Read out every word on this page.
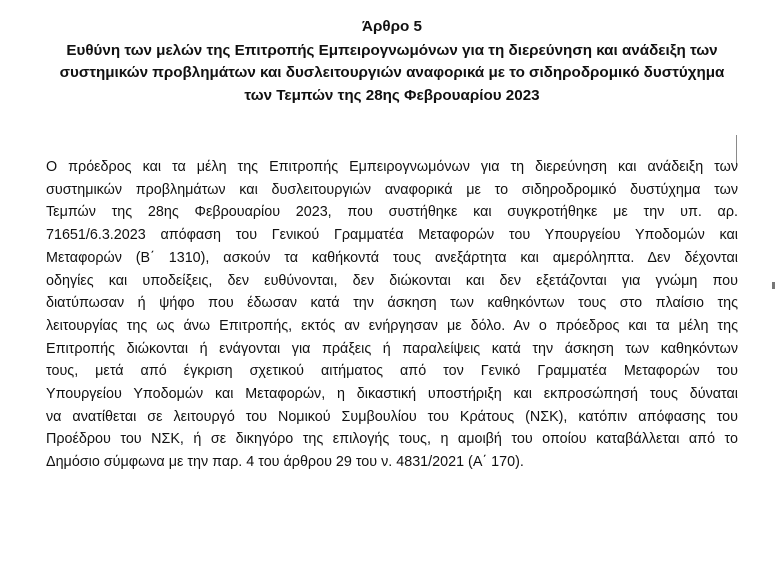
Άρθρο 5
Ευθύνη των μελών της Επιτροπής Εμπειρογνωμόνων για τη διερεύνηση και ανάδειξη των
συστημικών προβλημάτων και δυσλειτουργιών αναφορικά με το σιδηροδρομικό δυστύχημα
των Τεμπών της 28ης Φεβρουαρίου 2023
Ο πρόεδρος και τα μέλη της Επιτροπής Εμπειρογνωμόνων για τη διερεύνηση και ανάδειξη των
συστημικών προβλημάτων και δυσλειτουργιών αναφορικά με το σιδηροδρομικό δυστύχημα των
Τεμπών της 28ης Φεβρουαρίου 2023, που συστήθηκε και συγκροτήθηκε με την υπ. αρ.
71651/6.3.2023 απόφαση του Γενικού Γραμματέα Μεταφορών του Υπουργείου Υποδομών και
Μεταφορών (Β΄ 1310), ασκούν τα καθήκοντά τους ανεξάρτητα και αμερόληπτα. Δεν δέχονται
οδηγίες και υποδείξεις, δεν ευθύνονται, δεν διώκονται και δεν εξετάζονται για γνώμη που
διατύπωσαν ή ψήφο που έδωσαν κατά την άσκηση των καθηκόντων τους στο πλαίσιο της
λειτουργίας της ως άνω Επιτροπής, εκτός αν ενήργησαν με δόλο. Αν ο πρόεδρος και τα μέλη της
Επιτροπής διώκονται ή ενάγονται για πράξεις ή παραλείψεις κατά την άσκηση των καθηκόντων
τους, μετά από έγκριση σχετικού αιτήματος από τον Γενικό Γραμματέα Μεταφορών του
Υπουργείου Υποδομών και Μεταφορών, η δικαστική υποστήριξη και εκπροσώπησή τους δύναται
να ανατίθεται σε λειτουργό του Νομικού Συμβουλίου του Κράτους (ΝΣΚ), κατόπιν απόφασης του
Προέδρου του ΝΣΚ, ή σε δικηγόρο της επιλογής τους, η αμοιβή του οποίου καταβάλλεται από το
Δημόσιο σύμφωνα με την παρ. 4 του άρθρου 29 του ν. 4831/2021 (Α΄ 170).
